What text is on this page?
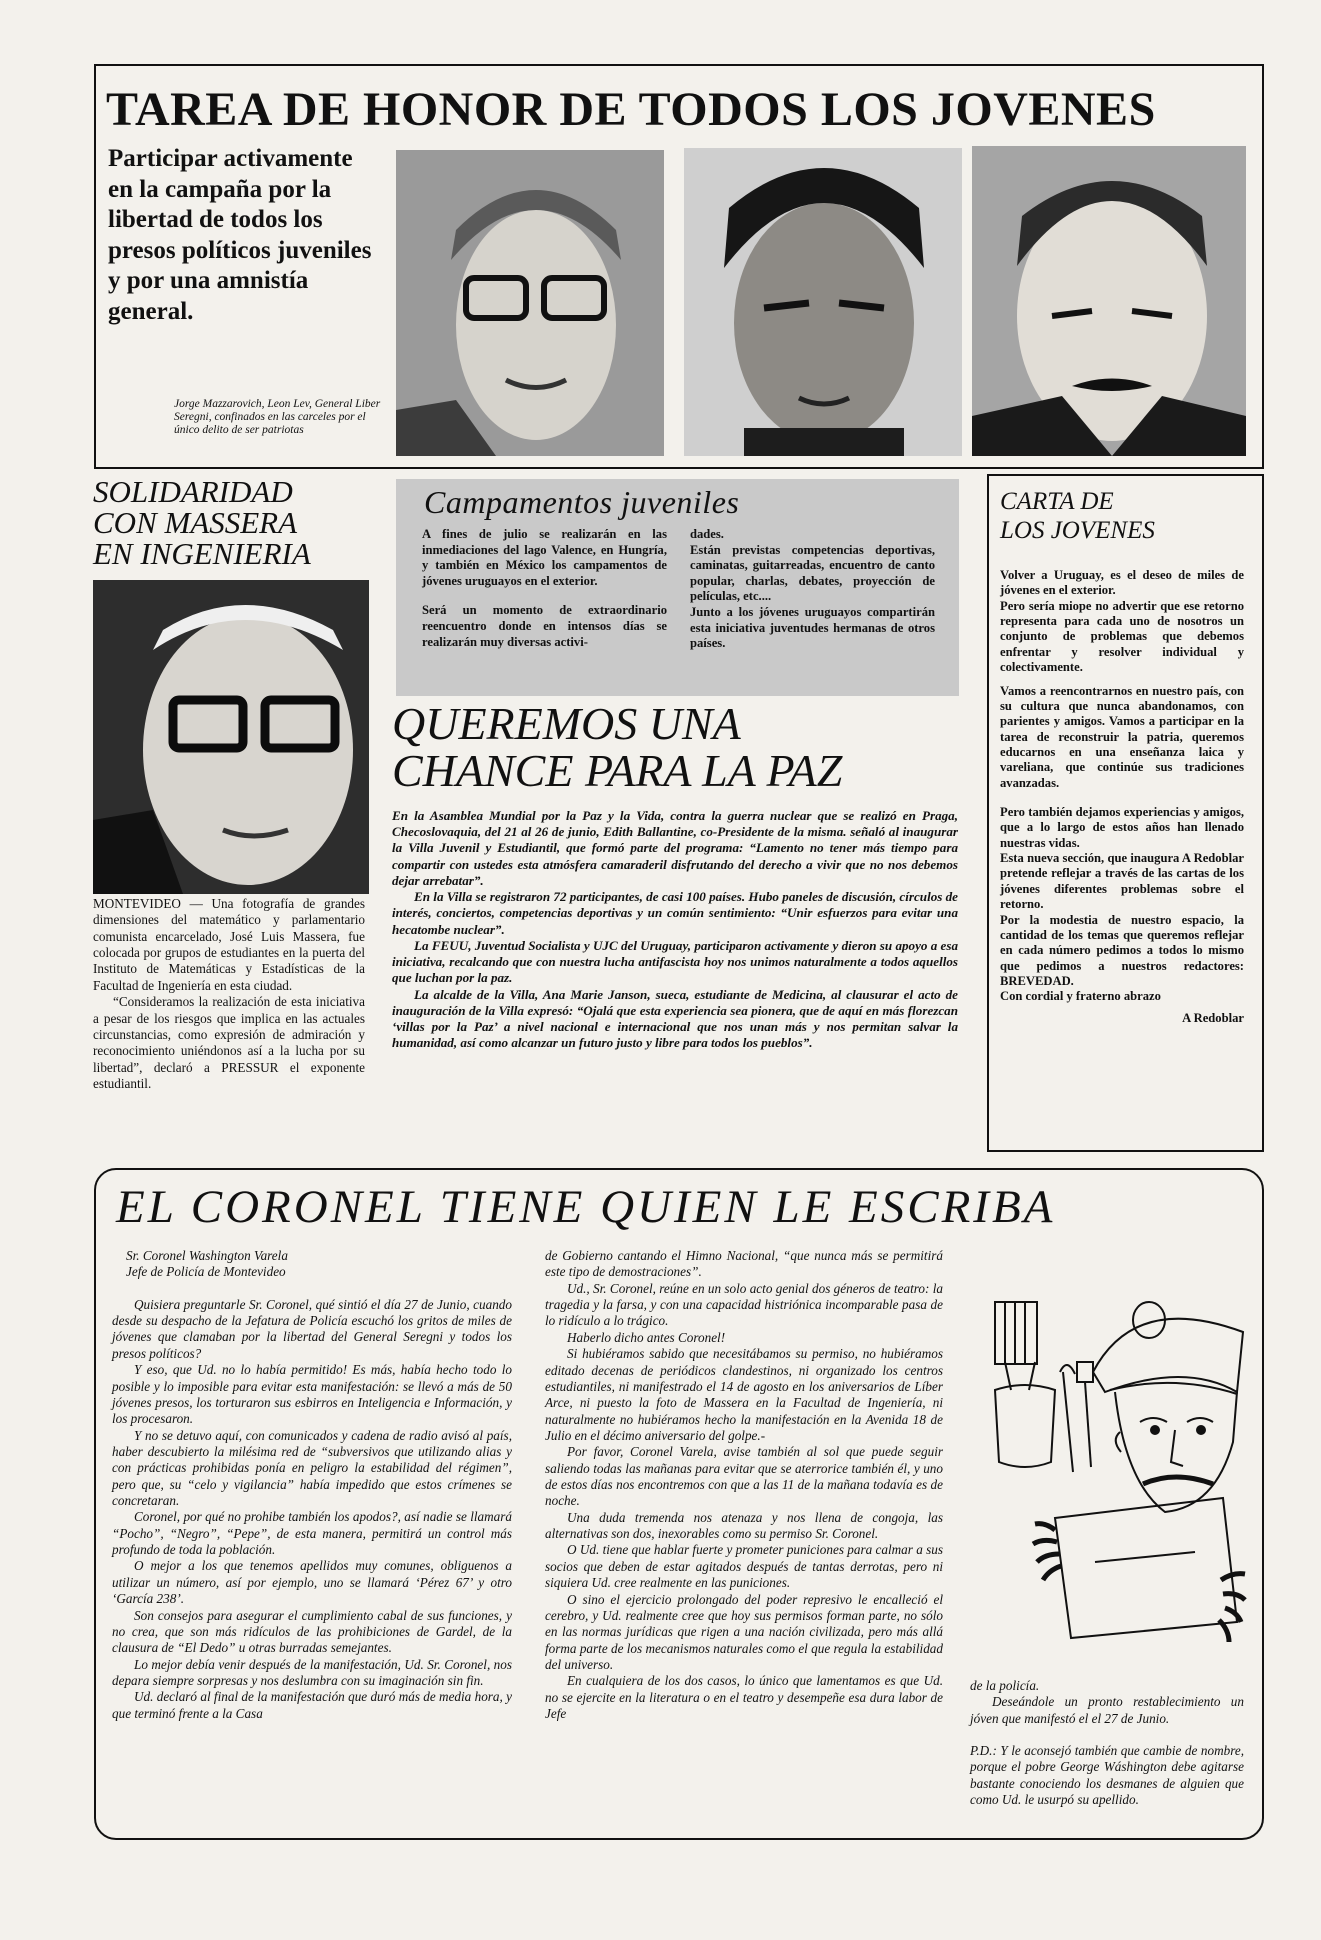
TAREA DE HONOR DE TODOS LOS JOVENES
Participar activamente en la campaña por la libertad de todos los presos políticos juveniles y por una amnistía general.
Jorge Mazzarovich, Leon Lev, General Liber Seregni, confinados en las carceles por el único delito de ser patriotas
SOLIDARIDAD
CON MASSERA
EN INGENIERIA

MONTEVIDEO — Una fotografía de grandes dimensiones del matemático y parlamentario comunista encarcelado, José Luis Massera, fue colocada por grupos de estudiantes en la puerta del Instituto de Matemáticas y Estadísticas de la Facultad de Ingeniería en esta ciudad.

“Consideramos la realización de esta iniciativa a pesar de los riesgos que implica en las actuales circunstancias, como expresión de admiración y reconocimiento uniéndonos así a la lucha por su libertad”, declaró a PRESSUR el exponente estudiantil.

Campamentos juveniles

A fines de julio se realizarán en las inmediaciones del lago Valence, en Hungría, y también en México los campamentos de jóvenes uruguayos en el exterior.

Será un momento de extraordinario reencuentro donde en intensos días se realizarán muy diversas activi-

dades.

Están previstas competencias deportivas, caminatas, guitarreadas, encuentro de canto popular, charlas, debates, proyección de películas, etc....

Junto a los jóvenes uruguayos compartirán esta iniciativa juventudes hermanas de otros países.

QUEREMOS UNA
CHANCE PARA LA PAZ

En la Asamblea Mundial por la Paz y la Vida, contra la guerra nuclear que se realizó en Praga, Checoslovaquia, del 21 al 26 de junio, Edith Ballantine, co-Presidente de la misma. señaló al inaugurar la Villa Juvenil y Estudiantil, que formó parte del programa: “Lamento no tener más tiempo para compartir con ustedes esta atmósfera camaraderil disfrutando del derecho a vivir que no nos debemos dejar arrebatar”.

En la Villa se registraron 72 participantes, de casi 100 países. Hubo paneles de discusión, círculos de interés, conciertos, competencias deportivas y un común sentimiento: “Unir esfuerzos para evitar una hecatombe nuclear”.

La FEUU, Juventud Socialista y UJC del Uruguay, participaron activamente y dieron su apoyo a esa iniciativa, recalcando que con nuestra lucha antifascista hoy nos unimos naturalmente a todos aquellos que luchan por la paz.

La alcalde de la Villa, Ana Marie Janson, sueca, estudiante de Medicina, al clausurar el acto de inauguración de la Villa expresó: “Ojalá que esta experiencia sea pionera, que de aquí en más florezcan ‘villas por la Paz’ a nivel nacional e internacional que nos unan más y nos permitan salvar la humanidad, así como alcanzar un futuro justo y libre para todos los pueblos”.

CARTA DE
LOS JOVENES

Volver a Uruguay, es el deseo de miles de jóvenes en el exterior.

Pero sería miope no advertir que ese retorno representa para cada uno de nosotros un conjunto de problemas que debemos enfrentar y resolver individual y colectivamente.

Vamos a reencontrarnos en nuestro país, con su cultura que nunca abandonamos, con parientes y amigos. Vamos a participar en la tarea de reconstruir la patria, queremos educarnos en una enseñanza laica y vareliana, que continúe sus tradiciones avanzadas.

Pero también dejamos experiencias y amigos, que a lo largo de estos años han llenado nuestras vidas.

Esta nueva sección, que inaugura A Redoblar pretende reflejar a través de las cartas de los jóvenes diferentes problemas sobre el retorno.

Por la modestia de nuestro espacio, la cantidad de los temas que queremos reflejar en cada número pedimos a todos lo mismo que pedimos a nuestros redactores: BREVEDAD.

Con cordial y fraterno abrazo

A Redoblar

EL CORONEL TIENE QUIEN LE ESCRIBA

Sr. Coronel Washington Varela

Jefe de Policía de Montevideo

Quisiera preguntarle Sr. Coronel, qué sintió el día 27 de Junio, cuando desde su despacho de la Jefatura de Policía escuchó los gritos de miles de jóvenes que clamaban por la libertad del General Seregni y todos los presos políticos?

Y eso, que Ud. no lo había permitido! Es más, había hecho todo lo posible y lo imposible para evitar esta manifestación: se llevó a más de 50 jóvenes presos, los torturaron sus esbirros en Inteligencia e Información, y los procesaron.

Y no se detuvo aquí, con comunicados y cadena de radio avisó al país, haber descubierto la milésima red de “subversivos que utilizando alias y con prácticas prohibidas ponía en peligro la estabilidad del régimen”, pero que, su “celo y vigilancia” había impedido que estos crímenes se concretaran.

Coronel, por qué no prohibe también los apodos?, así nadie se llamará “Pocho”, “Negro”, “Pepe”, de esta manera, permitirá un control más profundo de toda la población.

O mejor a los que tenemos apellidos muy comunes, obliguenos a utilizar un número, así por ejemplo, uno se llamará ‘Pérez 67’ y otro ‘García 238’.

Son consejos para asegurar el cumplimiento cabal de sus funciones, y no crea, que son más ridículos de las prohibiciones de Gardel, de la clausura de “El Dedo” u otras burradas semejantes.

Lo mejor debía venir después de la manifestación, Ud. Sr. Coronel, nos depara siempre sorpresas y nos deslumbra con su imaginación sin fin.

Ud. declaró al final de la manifestación que duró más de media hora, y que terminó frente a la Casa

de Gobierno cantando el Himno Nacional, “que nunca más se permitirá este tipo de demostraciones”.

Ud., Sr. Coronel, reúne en un solo acto genial dos géneros de teatro: la tragedia y la farsa, y con una capacidad histriónica incomparable pasa de lo ridículo a lo trágico.

Haberlo dicho antes Coronel!

Si hubiéramos sabido que necesitábamos su permiso, no hubiéramos editado decenas de periódicos clandestinos, ni organizado los centros estudiantiles, ni manifestrado el 14 de agosto en los aniversarios de Líber Arce, ni puesto la foto de Massera en la Facultad de Ingeniería, ni naturalmente no hubiéramos hecho la manifestación en la Avenida 18 de Julio en el décimo aniversario del golpe.-

Por favor, Coronel Varela, avise también al sol que puede seguir saliendo todas las mañanas para evitar que se aterrorice también él, y uno de estos días nos encontremos con que a las 11 de la mañana todavía es de noche.

Una duda tremenda nos atenaza y nos llena de congoja, las alternativas son dos, inexorables como su permiso Sr. Coronel.

O Ud. tiene que hablar fuerte y prometer puniciones para calmar a sus socios que deben de estar agitados después de tantas derrotas, pero ni siquiera Ud. cree realmente en las puniciones.

O sino el ejercicio prolongado del poder represivo le encalleció el cerebro, y Ud. realmente cree que hoy sus permisos forman parte, no sólo en las normas jurídicas que rigen a una nación civilizada, pero más allá forma parte de los mecanismos naturales como el que regula la estabilidad del universo.

En cualquiera de los dos casos, lo único que lamentamos es que Ud. no se ejercite en la literatura o en el teatro y desempeñe esa dura labor de Jefe

de la policía.

Deseándole un pronto restablecimiento un jóven que manifestó el el 27 de Junio.

P.D.: Y le aconsejó también que cambie de nombre, porque el pobre George Wáshington debe agitarse bastante conociendo los desmanes de alguien que como Ud. le usurpó su apellido.
